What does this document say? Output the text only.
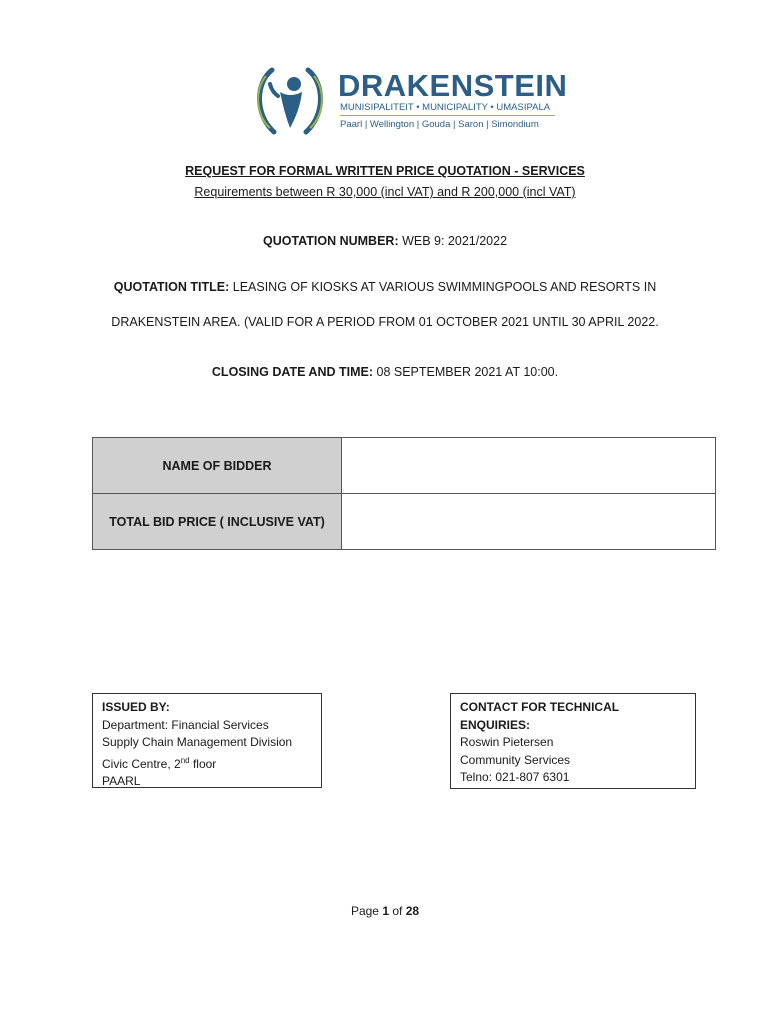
DRAKENSTEIN
MUNISIPALITEIT • MUNICIPALITY • UMASIPALA
Paarl | Wellington | Gouda | Saron | Simondium
REQUEST FOR FORMAL WRITTEN PRICE QUOTATION - SERVICES
Requirements between R 30,000 (incl VAT) and R 200,000 (incl VAT)
QUOTATION NUMBER: WEB 9: 2021/2022
QUOTATION TITLE: LEASING OF KIOSKS AT VARIOUS SWIMMINGPOOLS AND RESORTS IN
DRAKENSTEIN AREA. (VALID FOR A PERIOD FROM 01 OCTOBER 2021 UNTIL 30 APRIL 2022.
CLOSING DATE AND TIME: 08 SEPTEMBER 2021 AT 10:00.
NAME OF BIDDER	
TOTAL BID PRICE ( INCLUSIVE VAT)	
ISSUED BY:
Department: Financial Services
Supply Chain Management Division
Civic Centre, 2nd floor
PAARL
CONTACT FOR TECHNICAL ENQUIRIES:
Roswin Pietersen
Community Services
Telno: 021-807 6301
Page 1 of 28
